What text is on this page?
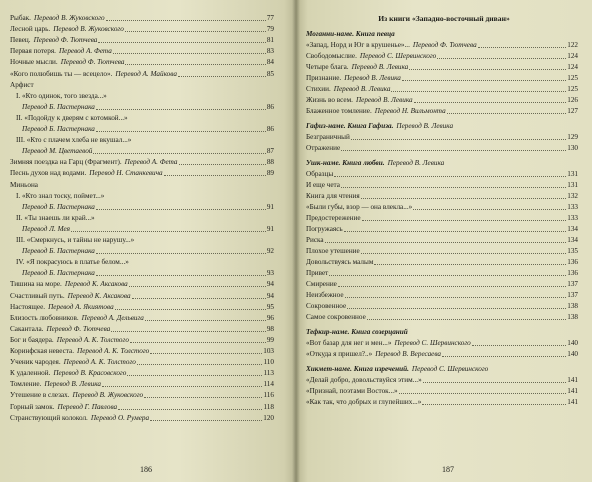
Рыбак. Перевод В. Жуковского	77
Лесной царь. Перевод В. Жуковского	79
Певец. Перевод Ф. Тютчева	81
Первая потеря. Перевод А. Фета	83
Ночные мысли. Перевод Ф. Тютчева	84
«Кого полюбишь ты — всецело». Перевод А. Майкова	85
Арфист
I. «Кто одинок, того звезда...»
Перевод Б. Пастернака	86
II. «Подойду к дверям с котомкой...»
Перевод Б. Пастернака	86
III. «Кто с плачем хлеба не вкушал...»
Перевод М. Цветаевой	87
Зимняя поездка на Гарц (Фрагмент). Перевод А. Фета	88
Песнь духов над водами. Перевод Н. Станкевича	89
Миньона
I. «Кто знал тоску, поймет...»
Перевод Б. Пастернака	91
II. «Ты знаешь ли край...»
Перевод Л. Мея	91
III. «Смеркнусь, и тайны не нарушу...»
Перевод Б. Пастернака	92
IV. «Я покрасуюсь в платье белом...»
Перевод Б. Пастернака	93
Тишина на море. Перевод К. Аксакова	94
Счастливый путь. Перевод К. Аксакова	94
Настоящее. Перевод А. Якиятова	95
Близость любовников. Перевод А. Дельвига	96
Сакантала. Перевод Ф. Тютчева	98
Бог и баядера. Перевод А. К. Толстого	99
Коринфская невеста. Перевод А. К. Толстого	103
Ученик чародея. Перевод А. К. Толстого	110
К удаленной. Перевод В. Красовского	113
Томление. Перевод В. Левика	114
Утешение в слезах. Перевод В. Жуковского	116
Горный замок. Перевод Г. Павлова	118
Странствующий колокол. Перевод О. Румера	120
186
Из книги «Западно-восточный диван»
Моганни-наме. Книга певца
«Запад, Норд и Юг в крушенье»... Перевод Ф. Тютчева	122
Свободомыслие. Перевод С. Шервинского	124
Четыре блага. Перевод В. Левика	124
Признание. Перевод В. Левика	125
Стихии. Перевод В. Левика	125
Жизнь во всем. Перевод В. Левика	126
Блаженное томление. Перевод Н. Вильмонта	127
Гафиз-наме. Книга Гафиза. Перевод В. Левика
Безграничный	129
Отражение	130
Ушк-наме. Книга любви. Перевод В. Левика
Образцы	131
И еще чета	131
Книга для чтения	132
«Были губы, взор — она влекла...»	133
Предостережение	133
Погружаясь	134
Риска	134
Плохое утешение	135
Довольствуясь малым	136
Привет	136
Смирение	137
Неизбежное	137
Сокровенное	138
Самое сокровенное	138
Тефкир-наме. Книга созерцаний
«Вот базар для нег и мен...» Перевод С. Шервинского	140
«Откуда я пришел?..» Перевод В. Вересаева	140
Хикмет-наме. Книга изречений. Перевод С. Шервинского
«Делай добро, довольствуйся этим...»	141
«Признай, поэтами Восток...»	141
«Как так, что добрых и глупейших...»	141
187
